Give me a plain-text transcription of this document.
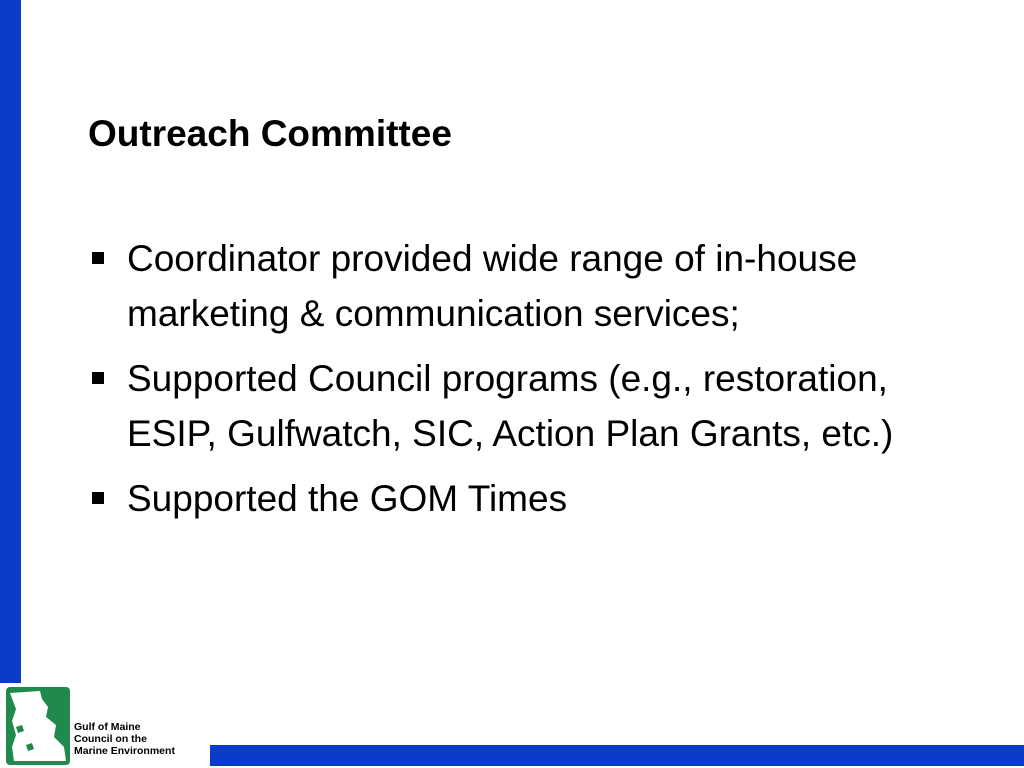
Outreach Committee
Coordinator provided wide range of in-house marketing & communication services;
Supported Council programs (e.g., restoration, ESIP, Gulfwatch, SIC, Action Plan Grants, etc.)
Supported the GOM Times
Gulf of Maine
Council on the
Marine Environment
